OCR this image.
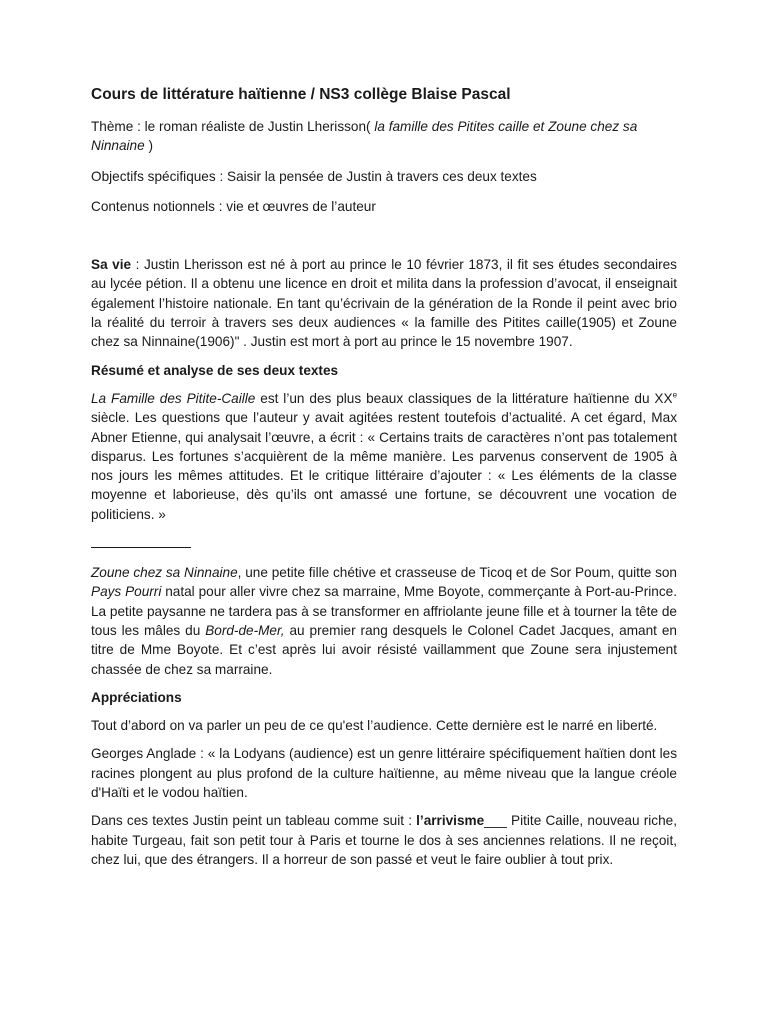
Cours de littérature haïtienne / NS3 collège Blaise Pascal

Thème : le roman réaliste de Justin Lherisson( la famille des Pitites caille et Zoune chez sa Ninnaine )

Objectifs spécifiques : Saisir la pensée de Justin à travers ces deux textes

Contenus notionnels : vie et œuvres de l’auteur

Sa vie : Justin Lherisson est né à port au prince le 10 février 1873, il fit ses études secondaires au lycée pétion. Il a obtenu une licence en droit et milita dans la profession d’avocat, il enseignait également l’histoire nationale. En tant qu’écrivain de la génération de la Ronde il peint avec brio la réalité du terroir à travers ses deux audiences « la famille des Pitites caille(1905) et Zoune chez sa Ninnaine(1906)" . Justin est mort à port au prince le 15 novembre 1907.

Résumé et analyse de ses deux textes

La Famille des Pitite-Caille est l’un des plus beaux classiques de la littérature haïtienne du XXe siècle. Les questions que l’auteur y avait agitées restent toutefois d’actualité. A cet égard, Max Abner Etienne, qui analysait l’œuvre, a écrit : « Certains traits de caractères n’ont pas totalement disparus. Les fortunes s’acquièrent de la même manière. Les parvenus conservent de 1905 à nos jours les mêmes attitudes. Et le critique littéraire d’ajouter : « Les éléments de la classe moyenne et laborieuse, dès qu’ils ont amassé une fortune, se découvrent une vocation de politiciens. »

Zoune chez sa Ninnaine, une petite fille chétive et crasseuse de Ticoq et de Sor Poum, quitte son Pays Pourri natal pour aller vivre chez sa marraine, Mme Boyote, commerçante à Port-au-Prince. La petite paysanne ne tardera pas à se transformer en affriolante jeune fille et à tourner la tête de tous les mâles du Bord-de-Mer, au premier rang desquels le Colonel Cadet Jacques, amant en titre de Mme Boyote. Et c’est après lui avoir résisté vaillamment que Zoune sera injustement chassée de chez sa marraine.

Appréciations

Tout d’abord on va parler un peu de ce qu'est l’audience. Cette dernière est le narré en liberté.

Georges Anglade : « la Lodyans (audience) est un genre littéraire spécifiquement haïtien dont les racines plongent au plus profond de la culture haïtienne, au même niveau que la langue créole d'Haïti et le vodou haïtien.

Dans ces textes Justin peint un tableau comme suit : l’arrivisme___ Pitite Caille, nouveau riche, habite Turgeau, fait son petit tour à Paris et tourne le dos à ses anciennes relations. Il ne reçoit, chez lui, que des étrangers. Il a horreur de son passé et veut le faire oublier à tout prix.
